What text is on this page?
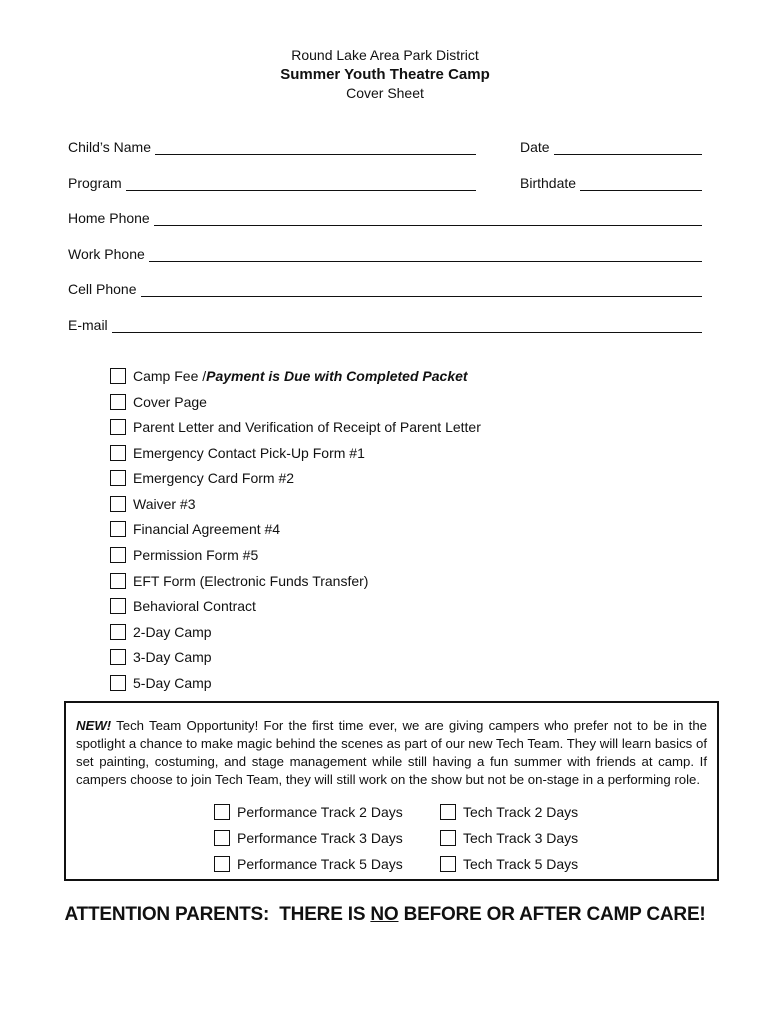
Round Lake Area Park District
Summer Youth Theatre Camp
Cover Sheet
Child’s Name	Date
Program	Birthdate
Home Phone
Work Phone
Cell Phone
E-mail
Camp Fee / Payment is Due with Completed Packet
Cover Page
Parent Letter and Verification of Receipt of Parent Letter
Emergency Contact Pick-Up Form #1
Emergency Card Form #2
Waiver #3
Financial Agreement #4
Permission Form #5
EFT Form (Electronic Funds Transfer)
Behavioral Contract
2-Day Camp
3-Day Camp
5-Day Camp
NEW! Tech Team Opportunity! For the first time ever, we are giving campers who prefer not to be in the spotlight a chance to make magic behind the scenes as part of our new Tech Team. They will learn basics of set painting, costuming, and stage management while still having a fun summer with friends at camp. If campers choose to join Tech Team, they will still work on the show but not be on-stage in a performing role.
Performance Track 2 Days
Performance Track 3 Days
Performance Track 5 Days
Tech Track 2 Days
Tech Track 3 Days
Tech Track 5 Days
ATTENTION PARENTS:  THERE IS NO BEFORE OR AFTER CAMP CARE!
